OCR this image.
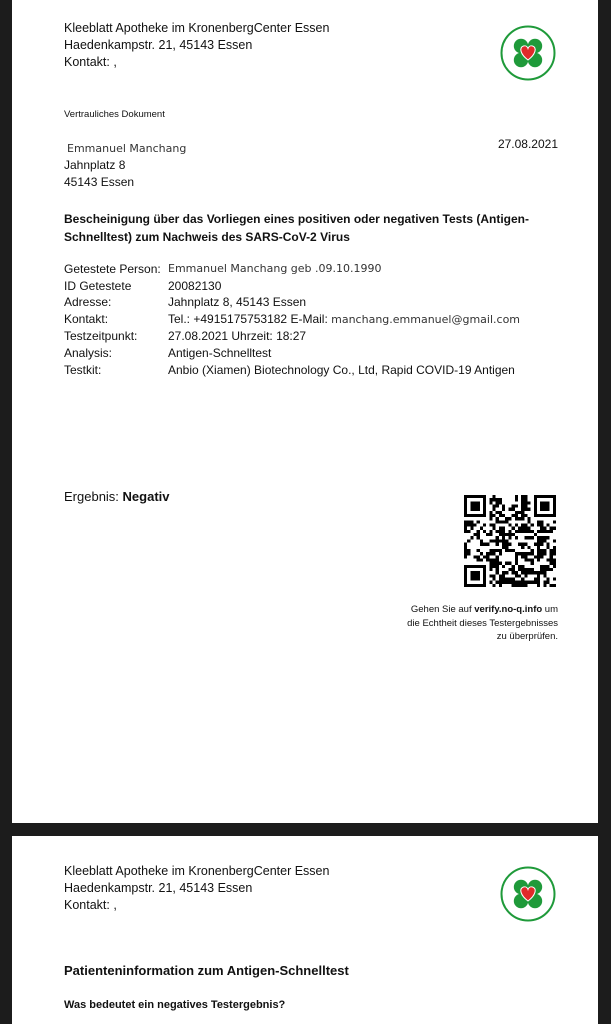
Kleeblatt Apotheke im KronenbergCenter Essen
Haedenkampstr. 21, 45143 Essen
Kontakt: ,
Vertrauliches Dokument
Emmanuel Manchang
Jahnplatz 8
45143 Essen
27.08.2021
Bescheinigung über das Vorliegen eines positiven oder negativen Tests (Antigen-Schnelltest) zum Nachweis des SARS-CoV-2 Virus
Getestete Person: Emmanuel Manchang geb .09.10.1990
ID Getestete	20082130
Adresse:	Jahnplatz 8, 45143 Essen
Kontakt:	Tel.: +4915175753182 E-Mail: manchang.emmanuel@gmail.com
Testzeitpunkt:	27.08.2021 Uhrzeit: 18:27
Analysis:	Antigen-Schnelltest
Testkit:	Anbio (Xiamen) Biotechnology Co., Ltd, Rapid COVID-19 Antigen
Ergebnis: Negativ
Gehen Sie auf verify.no-q.info um
die Echtheit dieses Testergebnisses
zu überprüfen.
Kleeblatt Apotheke im KronenbergCenter Essen
Haedenkampstr. 21, 45143 Essen
Kontakt: ,
Patienteninformation zum Antigen-Schnelltest
Was bedeutet ein negatives Testergebnis?
